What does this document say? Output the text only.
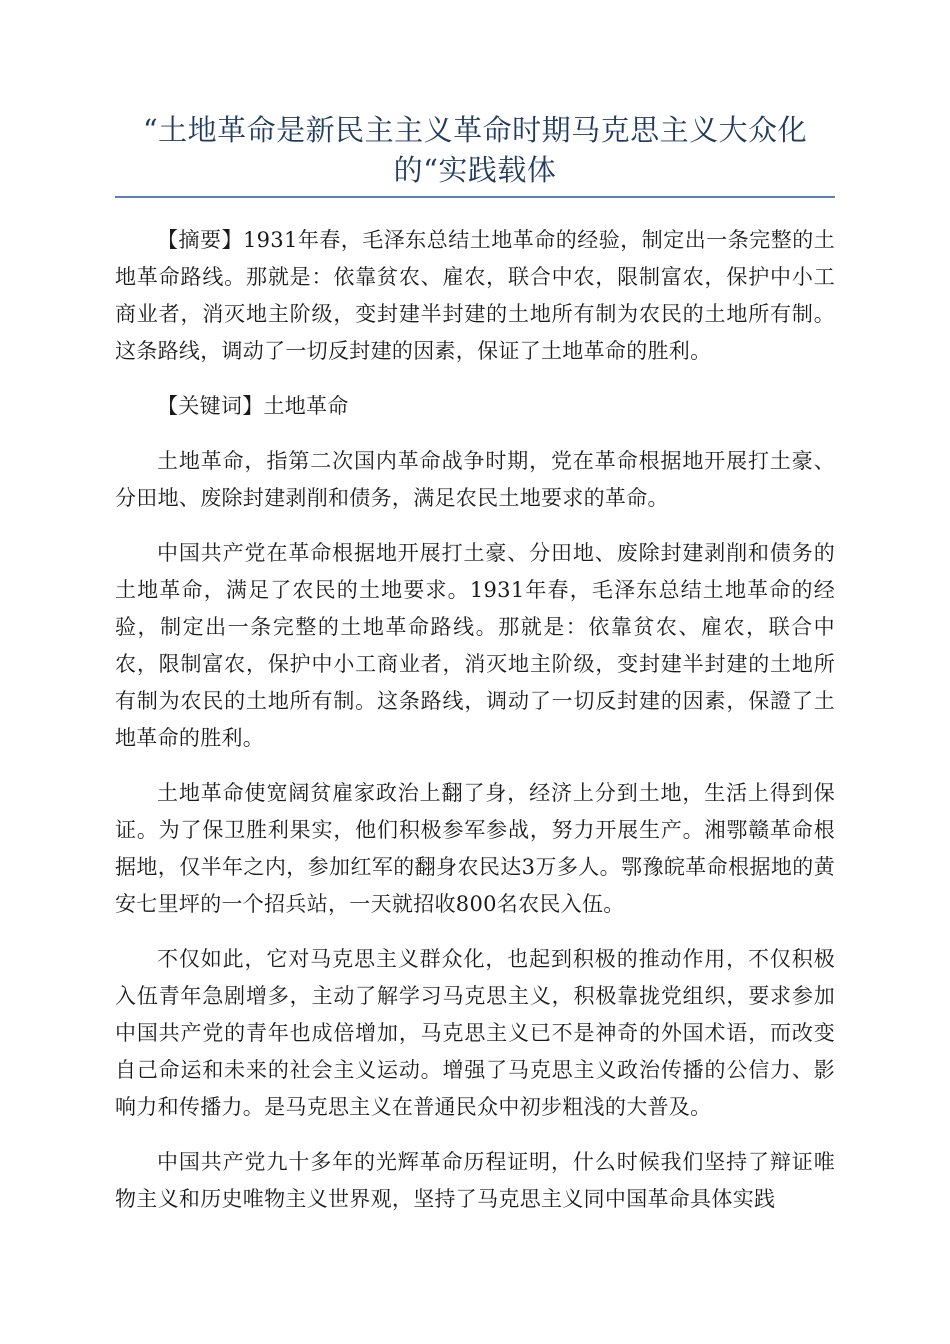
“土地革命是新民主主义革命时期马克思主义大众化
的“实践载体

【摘要】1931年春，毛泽东总结土地革命的经验，制定出一条完整的土地革命路线。那就是：依靠贫农、雇农，联合中农，限制富农，保护中小工商业者，消灭地主阶级，变封建半封建的土地所有制为农民的土地所有制。这条路线，调动了一切反封建的因素，保证了土地革命的胜利。

【关键词】土地革命

土地革命，指第二次国内革命战争时期，党在革命根据地开展打土豪、分田地、废除封建剥削和债务，满足农民土地要求的革命。

中国共产党在革命根据地开展打土豪、分田地、废除封建剥削和债务的土地革命，满足了农民的土地要求。1931年春，毛泽东总结土地革命的经验，制定出一条完整的土地革命路线。那就是：依靠贫农、雇农，联合中农，限制富农，保护中小工商业者，消灭地主阶级，变封建半封建的土地所有制为农民的土地所有制。这条路线，调动了一切反封建的因素，保證了土地革命的胜利。

土地革命使宽阔贫雇家政治上翻了身，经济上分到土地，生活上得到保证。为了保卫胜利果实，他们积极参军参战，努力开展生产。湘鄂赣革命根据地，仅半年之内，参加红军的翻身农民达3万多人。鄂豫皖革命根据地的黄安七里坪的一个招兵站，一天就招收800名农民入伍。

不仅如此，它对马克思主义群众化，也起到积极的推动作用，不仅积极入伍青年急剧增多，主动了解学习马克思主义，积极靠拢党组织，要求参加中国共产党的青年也成倍增加，马克思主义已不是神奇的外国术语，而改变自己命运和未来的社会主义运动。增强了马克思主义政治传播的公信力、影响力和传播力。是马克思主义在普通民众中初步粗浅的大普及。

中国共产党九十多年的光辉革命历程证明，什么时候我们坚持了辩证唯物主义和历史唯物主义世界观，坚持了马克思主义同中国革命具体实践
